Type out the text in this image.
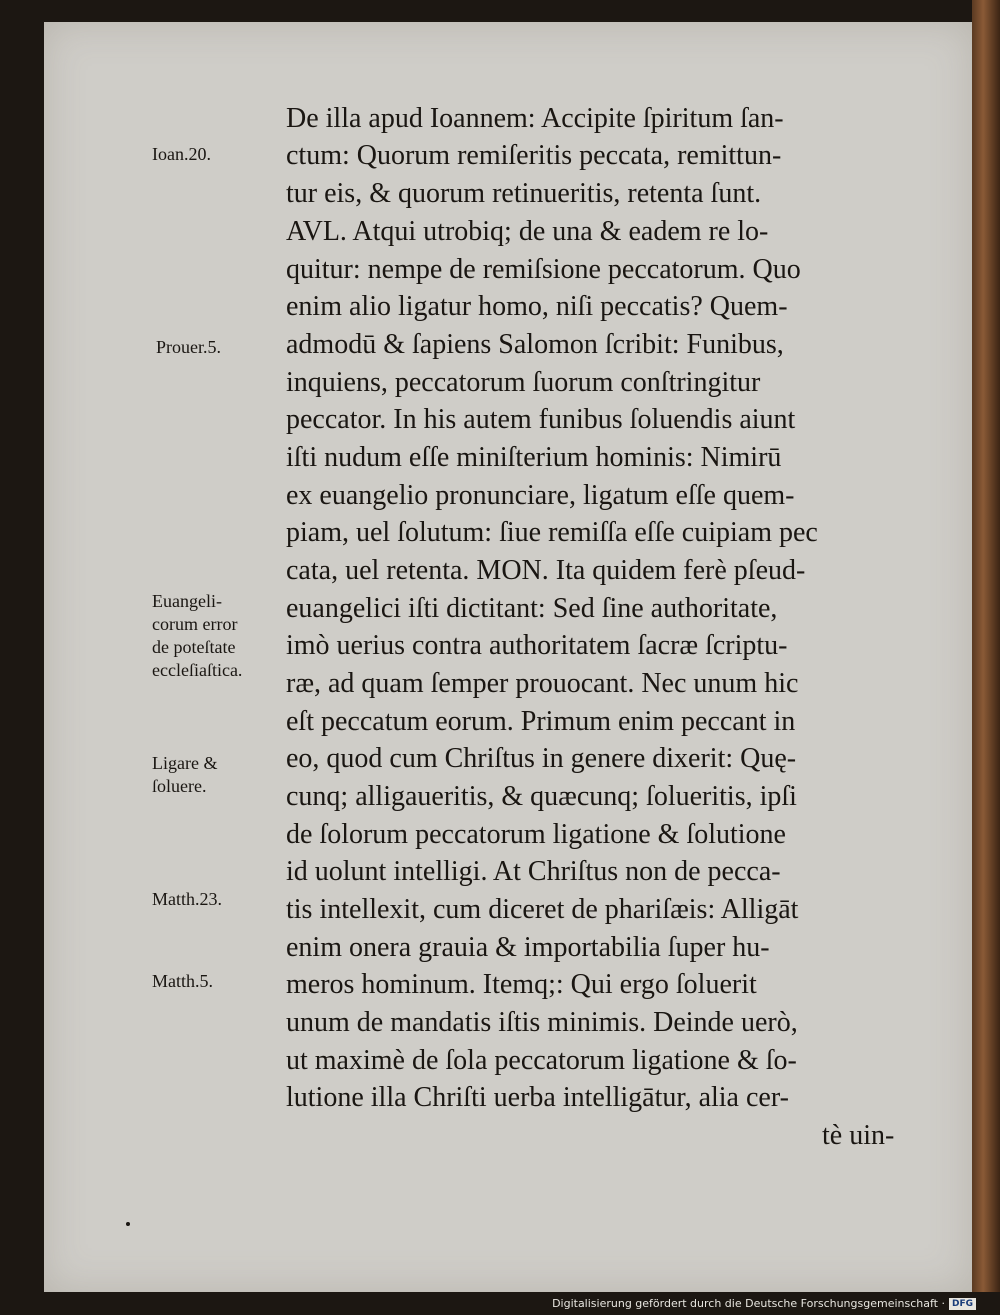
De illa apud Ioannem: Accipite ſpiritum ſan-
ctum: Quorum remiſeritis peccata, remittun-
tur eis, & quorum retinueritis, retenta ſunt.
AVL. Atqui utrobiq; de una & eadem re lo-
quitur: nempe de remiſsione peccatorum. Quo
enim alio ligatur homo, niſi peccatis? Quem-
admodū & ſapiens Salomon ſcribit: Funibus,
inquiens, peccatorum ſuorum conſtringitur
peccator. In his autem funibus ſoluendis aiunt
iſti nudum eſſe miniſterium hominis: Nimirū
ex euangelio pronunciare, ligatum eſſe quem-
piam, uel ſolutum: ſiue remiſſa eſſe cuipiam pec
cata, uel retenta. MON. Ita quidem ferè pſeud-
euangelici iſti dictitant: Sed ſine authoritate,
imò uerius contra authoritatem ſacræ ſcriptu-
ræ, ad quam ſemper prouocant. Nec unum hic
eſt peccatum eorum. Primum enim peccant in
eo, quod cum Chriſtus in genere dixerit: Quę-
cunq; alligaueritis, & quæcunq; ſolueritis, ipſi
de ſolorum peccatorum ligatione & ſolutione
id uolunt intelligi. At Chriſtus non de pecca-
tis intellexit, cum diceret de phariſæis: Alligāt
enim onera grauia & importabilia ſuper hu-
meros hominum. Itemq;: Qui ergo ſoluerit
unum de mandatis iſtis minimis. Deinde uerò,
ut maximè de ſola peccatorum ligatione & ſo-
lutione illa Chriſti uerba intelligātur, alia cer-
tè uin-
Ioan.20.
Prouer.5.
Euangeli-
corum error
de poteſtate
eccleſiaſtica.
Ligare &
ſoluere.
Matth.23.
Matth.5.
Digitalisierung gefördert durch die Deutsche Forschungsgemeinschaft · DFG
